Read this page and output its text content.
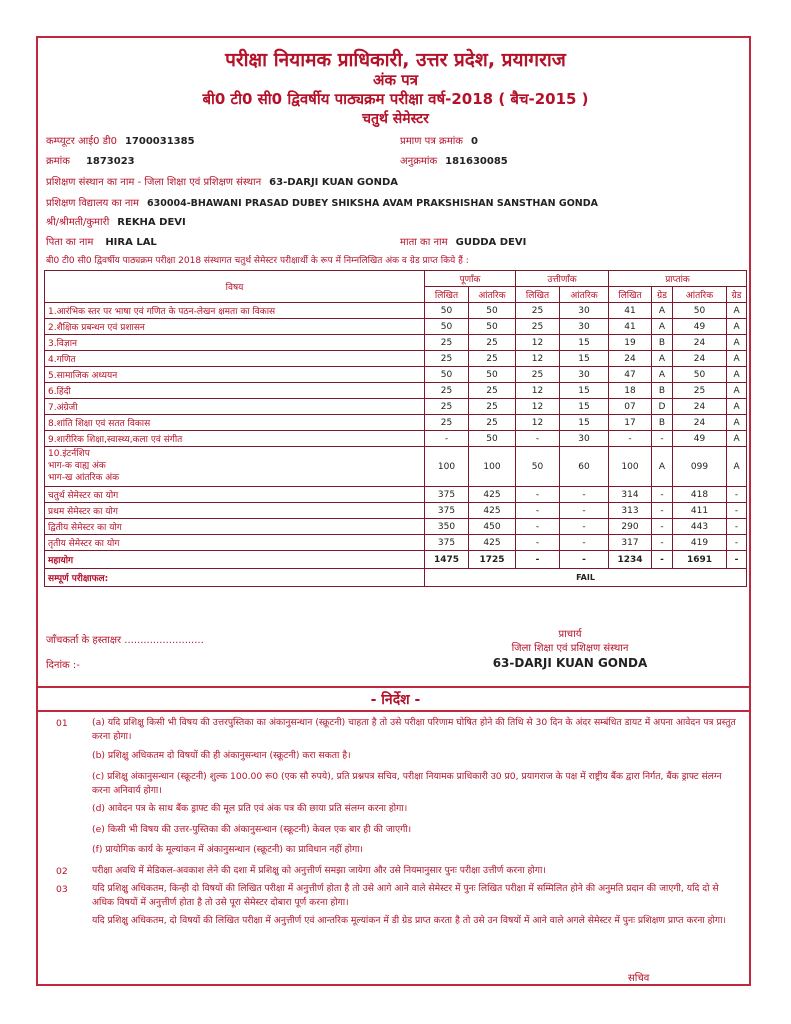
परीक्षा नियामक प्राधिकारी, उत्तर प्रदेश, प्रयागराज
अंक पत्र
बी0 टी0 सी0 द्विवर्षीय पाठ्यक्रम परीक्षा वर्ष-2018 ( बैच-2015 )
चतुर्थ सेमेस्टर
कम्प्यूटर आई0 डी0 1700031385	प्रमाण पत्र क्रमांक 0
क्रमांक 1873023	अनुक्रमांक 181630085
प्रशिक्षण संस्थान का नाम - जिला शिक्षा एवं प्रशिक्षण संस्थान 63-DARJI KUAN GONDA
प्रशिक्षण विद्यालय का नाम 630004-BHAWANI PRASAD DUBEY SHIKSHA AVAM PRAKSHISHAN SANSTHAN GONDA
श्री/श्रीमती/कुमारी REKHA DEVI
पिता का नाम HIRA LAL	माता का नाम GUDDA DEVI
बी0 टी0 सी0 द्विवर्षीय पाठ्यक्रम परीक्षा 2018 संस्थागत चतुर्थ सेमेस्टर परीक्षार्थी के रूप में निम्नलिखित अंक व ग्रेड प्राप्त किये हैं :
विषय	पूर्णांक		उत्तीर्णांक		प्राप्तांक			
	लिखित	आंतरिक	लिखित	आंतरिक	लिखित	ग्रेड	आंतरिक	ग्रेड
1.आरंभिक स्तर पर भाषा एवं गणित के पठन-लेखन क्षमता का विकास	50	50	25	30	41	A	50	A
2.शैक्षिक प्रबन्धन एवं प्रशासन	50	50	25	30	41	A	49	A
3.विज्ञान	25	25	12	15	19	B	24	A
4.गणित	25	25	12	15	24	A	24	A
5.सामाजिक अध्ययन	50	50	25	30	47	A	50	A
6.हिंदी	25	25	12	15	18	B	25	A
7.अंग्रेजी	25	25	12	15	07	D	24	A
8.शांति शिक्षा एवं सतत विकास	25	25	12	15	17	B	24	A
9.शारीरिक शिक्षा,स्वास्थ्य,कला एवं संगीत	-	50	-	30	-	-	49	A

10.इंटर्नशिप
भाग-क वाह्य अंक
भाग-ख आंतरिक अंक	100	100	50	60	100	A	099	A
चतुर्थ सेमेस्टर का योग	375	425	-	-	314	-	418	-
प्रथम सेमेस्टर का योग	375	425	-	-	313	-	411	-
द्वितीय सेमेस्टर का योग	350	450	-	-	290	-	443	-
तृतीय सेमेस्टर का योग	375	425	-	-	317	-	419	-
महायोग	1475	1725	-	-	1234	-	1691	-
सम्पूर्ण परीक्षाफल:	FAIL							
जाँचकर्ता के हस्ताक्षर .........................
दिनांक :-
प्राचार्य
जिला शिक्षा एवं प्रशिक्षण संस्थान
63-DARJI KUAN GONDA
- निर्देश -
01	(a) यदि प्रशिक्षु किसी भी विषय की उत्तरपुस्तिका का अंकानुसन्धान (स्क्रूटनी) चाहता है तो उसे परीक्षा परिणाम घोषित होने की तिथि से 30 दिन के अंदर सम्बंधित डायट में अपना आवेदन पत्र प्रस्तुत करना होगा।
(b) प्रशिक्षु अधिकतम दो विषयों की ही अंकानुसन्धान (स्क्रूटनी) करा सकता है।
(c) प्रशिक्षु अंकानुसन्धान (स्क्रूटनी) शुल्क 100.00 रू0 (एक सौ रुपये), प्रति प्रश्नपत्र सचिव, परीक्षा नियामक प्राधिकारी उ0 प्र0, प्रयागराज के पक्ष में राष्ट्रीय बैंक द्वारा निर्गत, बैंक ड्राफ्ट संलग्न करना अनिवार्य होगा।
(d) आवेदन पत्र के साथ बैंक ड्राफ्ट की मूल प्रति एवं अंक पत्र की छाया प्रति संलग्न करना होगा।
(e) किसी भी विषय की उत्तर-पुस्तिका की अंकानुसन्धान (स्क्रूटनी) केवल एक बार ही की जाएगी।
(f) प्रायोगिक कार्य के मूल्यांकन में अंकानुसन्धान (स्क्रूटनी) का प्राविधान नहीं होगा।
02	परीक्षा अवधि में मेडिकल-अवकाश लेने की दशा में प्रशिक्षु को अनुत्तीर्ण समझा जायेगा और उसे नियमानुसार पुनः परीक्षा उत्तीर्ण करना होगा।
03	यदि प्रशिक्षु अधिकतम, किन्ही दो विषयों की लिखित परीक्षा में अनुत्तीर्ण होता है तो उसे आगे आने वाले सेमेस्टर में पुनः लिखित परीक्षा में सम्मिलित होने की अनुमति प्रदान की जाएगी, यदि दो से अधिक विषयों में अनुत्तीर्ण होता है तो उसे पूरा सेमेस्टर दोबारा पूर्ण करना होगा।
यदि प्रशिक्षु अधिकतम, दो विषयों की लिखित परीक्षा में अनुत्तीर्ण एवं आन्तरिक मूल्यांकन में डी ग्रेड प्राप्त करता है तो उसे उन विषयों में आने वाले अगले सेमेस्टर में पुनः प्रशिक्षण प्राप्त करना होगा।
सचिव
